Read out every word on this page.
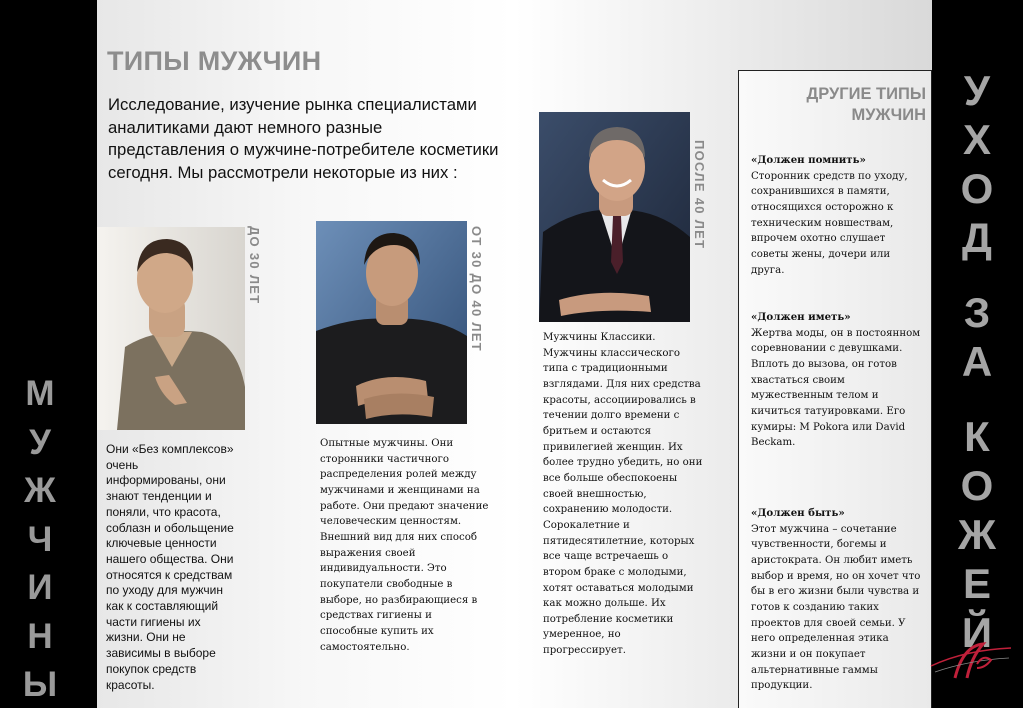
М
У
Ж
Ч
И
Н
Ы
У
Х
О
Д
З
А
К
О
Ж
Е
Й
ТИПЫ МУЖЧИН
Исследование, изучение рынка специалистами аналитиками дают немного разные представления о мужчине-потребителе косметики сегодня. Мы рассмотрели некоторые из них :
ДО 30 ЛЕТ
Они «Без комплексов» очень информированы, они знают тенденции и поняли, что красота, соблазн и обольщение ключевые ценности нашего общества. Они относятся к средствам по уходу для мужчин как к составляющий части гигиены их жизни. Они не зависимы в выборе покупок средств красоты.
ОТ 30 ДО 40 ЛЕТ
Опытные мужчины. Они сторонники частичного распределения ролей между мужчинами и женщинами на работе. Они предают значение человеческим ценностям. Внешний вид для них способ выражения своей индивидуальности. Это покупатели свободные в выборе, но разбирающиеся в средствах гигиены и способные купить их самостоятельно.
ПОСЛЕ 40 ЛЕТ
Мужчины Классики. Мужчины классического типа с традиционными взглядами. Для них средства красоты, ассоциировались в течении долго времени с бритьем и остаются привилегией женщин. Их более трудно убедить, но они все больше обеспокоены своей внешностью, сохранению молодости. Сорокалетние и пятидесятилетние, которых все чаще встречаешь о втором браке с молодыми, хотят оставаться молодыми как можно дольше. Их потребление косметики умеренное, но прогрессирует.
ДРУГИЕ ТИПЫ МУЖЧИН
«Должен помнить»
Сторонник средств по уходу, сохранившихся в памяти, относящихся осторожно к техническим новшествам, впрочем охотно слушает советы жены, дочери или друга.
«Должен иметь»
Жертва моды, он в постоянном соревновании с девушками. Вплоть до вызова, он готов хвастаться своим мужественным телом и кичиться татуировками. Его кумиры: M Pokora или David Beckam.
«Должен быть»
Этот мужчина – сочетание чувственности, богемы и аристократа. Он любит иметь выбор и время, но он хочет что бы в его жизни были чувства и готов к созданию таких проектов для своей семьи. У него определенная этика жизни и он покупает альтернативные гаммы продукции.
